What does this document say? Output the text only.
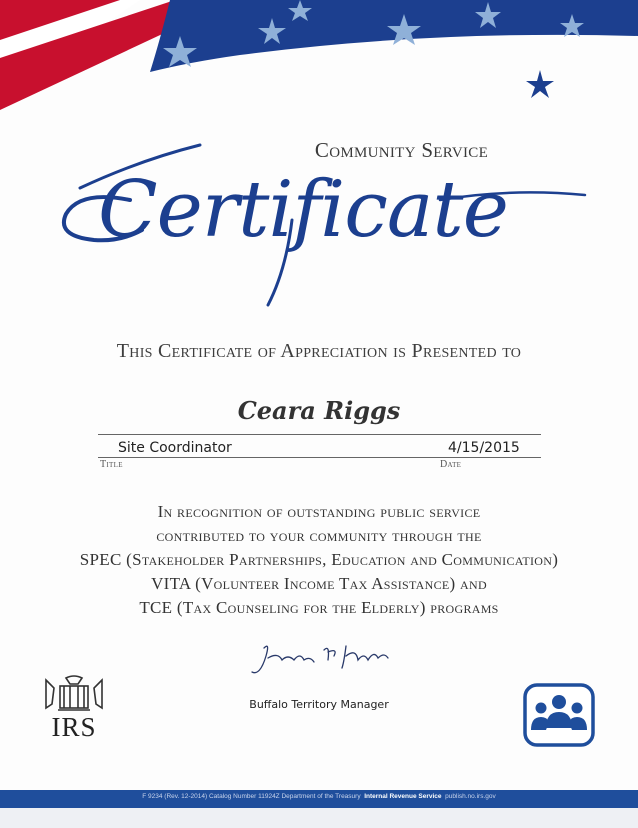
Community Service
Certificate
This Certificate of Appreciation is Presented to
Ceara Riggs
Site Coordinator
Title
4/15/2015
Date
In recognition of outstanding public service
contributed to your community through the
SPEC (Stakeholder Partnerships, Education and Communication)
VITA (Volunteer Income Tax Assistance) and
TCE (Tax Counseling for the Elderly) programs
Buffalo Territory Manager
IRS
F 9234 (Rev. 12-2014) Catalog Number 11924Z Department of the Treasury Internal Revenue Service publish.no.irs.gov
